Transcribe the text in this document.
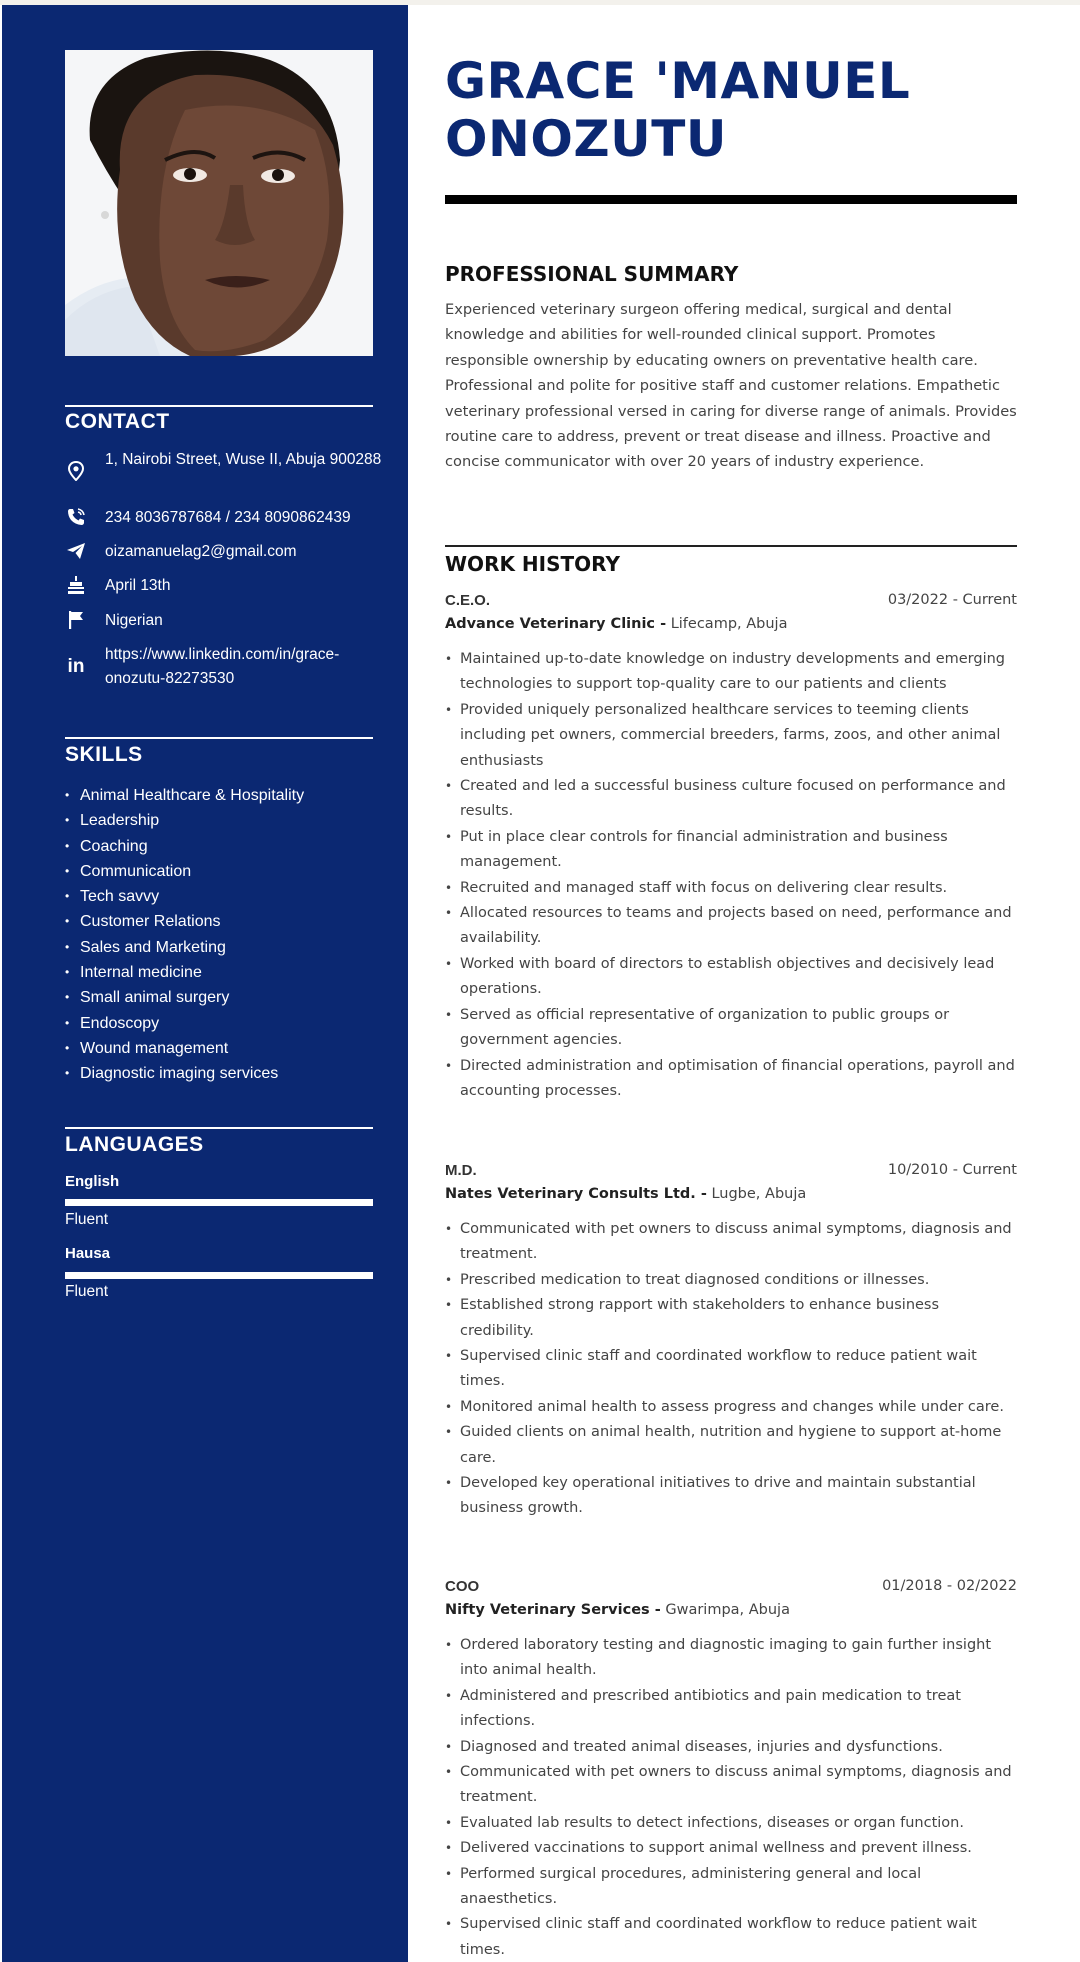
CONTACT
1, Nairobi Street, Wuse II, Abuja 900288
234 8036787684 / 234 8090862439
oizamanuelag2@gmail.com
April 13th
Nigerian
in
https://www.linkedin.com/in/grace-onozutu-82273530
SKILLS
• Animal Healthcare & Hospitality
• Leadership
• Coaching
• Communication
• Tech savvy
• Customer Relations
• Sales and Marketing
• Internal medicine
• Small animal surgery
• Endoscopy
• Wound management
• Diagnostic imaging services
LANGUAGES
English
Fluent
Hausa
Fluent
GRACE 'MANUEL ONOZUTU
PROFESSIONAL SUMMARY

Experienced veterinary surgeon offering medical, surgical and dental knowledge and abilities for well-rounded clinical support. Promotes responsible ownership by educating owners on preventative health care. Professional and polite for positive staff and customer relations. Empathetic veterinary professional versed in caring for diverse range of animals. Provides routine care to address, prevent or treat disease and illness. Proactive and concise communicator with over 20 years of industry experience.

WORK HISTORY
C.E.O.	03/2022 - Current
Advance Veterinary Clinic - Lifecamp, Abuja
• Maintained up-to-date knowledge on industry developments and emerging technologies to support top-quality care to our patients and clients
• Provided uniquely personalized healthcare services to teeming clients including pet owners, commercial breeders, farms, zoos, and other animal enthusiasts
• Created and led a successful business culture focused on performance and results.
• Put in place clear controls for financial administration and business management.
• Recruited and managed staff with focus on delivering clear results.
• Allocated resources to teams and projects based on need, performance and availability.
• Worked with board of directors to establish objectives and decisively lead operations.
• Served as official representative of organization to public groups or government agencies.
• Directed administration and optimisation of financial operations, payroll and accounting processes.
M.D.	10/2010 - Current
Nates Veterinary Consults Ltd. - Lugbe, Abuja
• Communicated with pet owners to discuss animal symptoms, diagnosis and treatment.
• Prescribed medication to treat diagnosed conditions or illnesses.
• Established strong rapport with stakeholders to enhance business credibility.
• Supervised clinic staff and coordinated workflow to reduce patient wait times.
• Monitored animal health to assess progress and changes while under care.
• Guided clients on animal health, nutrition and hygiene to support at-home care.
• Developed key operational initiatives to drive and maintain substantial business growth.
COO	01/2018 - 02/2022
Nifty Veterinary Services - Gwarimpa, Abuja
• Ordered laboratory testing and diagnostic imaging to gain further insight into animal health.
• Administered and prescribed antibiotics and pain medication to treat infections.
• Diagnosed and treated animal diseases, injuries and dysfunctions.
• Communicated with pet owners to discuss animal symptoms, diagnosis and treatment.
• Evaluated lab results to detect infections, diseases or organ function.
• Delivered vaccinations to support animal wellness and prevent illness.
• Performed surgical procedures, administering general and local anaesthetics.
• Supervised clinic staff and coordinated workflow to reduce patient wait times.
